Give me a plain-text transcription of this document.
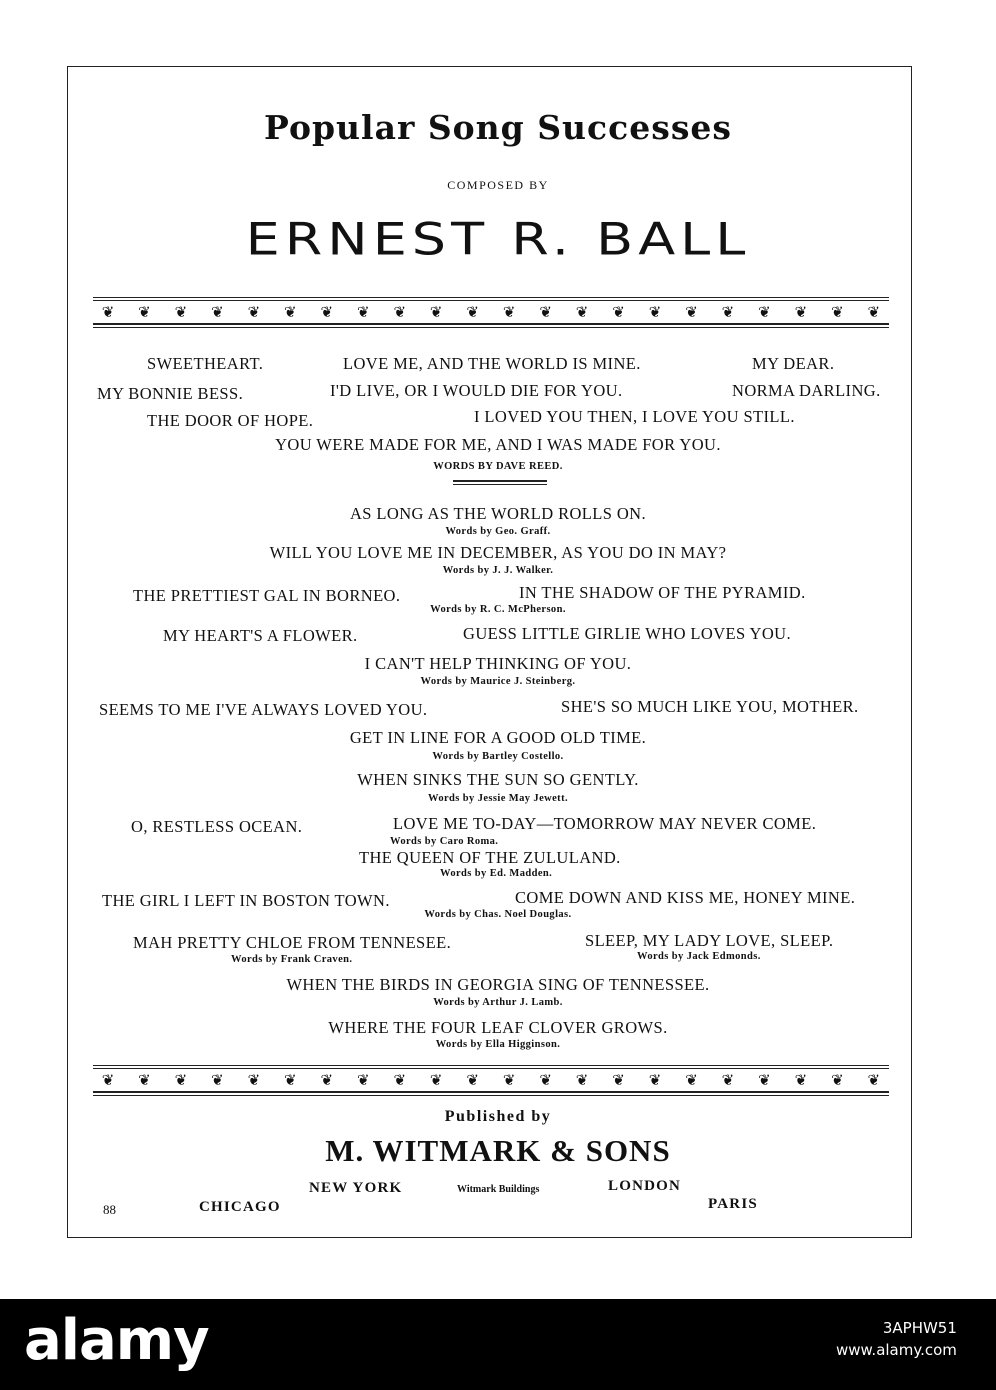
Popular Song Successes
COMPOSED BY
ERNEST R. BALL
❦	❦	❦	❦	❦	❦	❦	❦	❦	❦	❦	❦	❦	❦	❦	❦	❦	❦	❦	❦	❦	❦
SWEETHEART.	LOVE ME, AND THE WORLD IS MINE.	MY DEAR.
MY BONNIE BESS.	I'D LIVE, OR I WOULD DIE FOR YOU.	NORMA DARLING.
THE DOOR OF HOPE.	I LOVED YOU THEN, I LOVE YOU STILL.
YOU WERE MADE FOR ME, AND I WAS MADE FOR YOU.
WORDS BY DAVE REED.
AS LONG AS THE WORLD ROLLS ON.
Words by Geo. Graff.
WILL YOU LOVE ME IN DECEMBER, AS YOU DO IN MAY?
Words by J. J. Walker.
THE PRETTIEST GAL IN BORNEO.	IN THE SHADOW OF THE PYRAMID.
Words by R. C. McPherson.
MY HEART'S A FLOWER.	GUESS LITTLE GIRLIE WHO LOVES YOU.
I CAN'T HELP THINKING OF YOU.
Words by Maurice J. Steinberg.
SEEMS TO ME I'VE ALWAYS LOVED YOU.	SHE'S SO MUCH LIKE YOU, MOTHER.
GET IN LINE FOR A GOOD OLD TIME.
Words by Bartley Costello.
WHEN SINKS THE SUN SO GENTLY.
Words by Jessie May Jewett.
O, RESTLESS OCEAN.	LOVE ME TO-DAY—TOMORROW MAY NEVER COME.
Words by Caro Roma.
THE QUEEN OF THE ZULULAND.
Words by Ed. Madden.
THE GIRL I LEFT IN BOSTON TOWN.	COME DOWN AND KISS ME, HONEY MINE.
Words by Chas. Noel Douglas.
MAH PRETTY CHLOE FROM TENNESEE.	SLEEP, MY LADY LOVE, SLEEP.
Words by Frank Craven.	Words by Jack Edmonds.
WHEN THE BIRDS IN GEORGIA SING OF TENNESSEE.
Words by Arthur J. Lamb.
WHERE THE FOUR LEAF CLOVER GROWS.
Words by Ella Higginson.
❦	❦	❦	❦	❦	❦	❦	❦	❦	❦	❦	❦	❦	❦	❦	❦	❦	❦	❦	❦	❦	❦
Published by
M. WITMARK & SONS
NEW YORK	Witmark Buildings	LONDON
CHICAGO	PARIS
88
alamy	3APHW51
www.alamy.com
